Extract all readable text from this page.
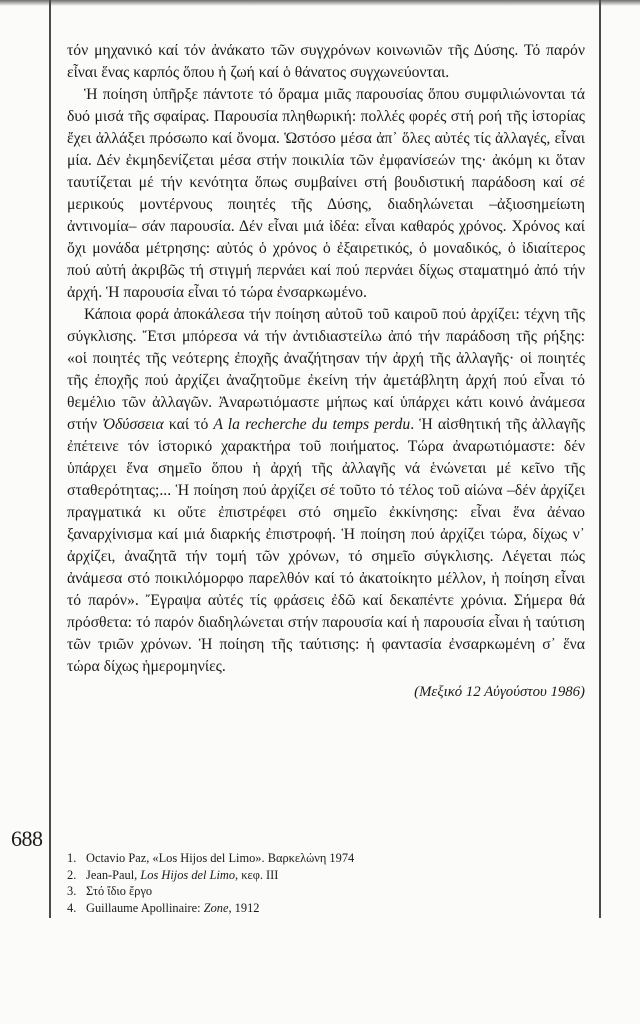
τόν μηχανικό καί τόν ἀνάκατο τῶν συγχρόνων κοινωνιῶν τῆς Δύσης. Τό παρόν εἶναι ἕνας καρπός ὅπου ἡ ζωή καί ὁ θάνατος συγχωνεύονται.

Ἡ ποίηση ὑπῆρξε πάντοτε τό ὅραμα μιᾶς παρουσίας ὅπου συμφιλιώνονται τά δυό μισά τῆς σφαίρας. Παρουσία πληθωρική: πολλές φορές στή ροή τῆς ἱστορίας ἔχει ἀλλάξει πρόσωπο καί ὄνομα. Ὡστόσο μέσα ἀπ᾽ ὅλες αὐτές τίς ἀλλαγές, εἶναι μία. Δέν ἐκμηδενίζεται μέσα στήν ποικιλία τῶν ἐμφανίσεών της· ἀκόμη κι ὅταν ταυτίζεται μέ τήν κενότητα ὅπως συμβαίνει στή βουδιστική παράδοση καί σέ μερικούς μοντέρνους ποιητές τῆς Δύσης, διαδηλώνεται –ἀξιοσημείωτη ἀντινομία– σάν παρουσία. Δέν εἶναι μιά ἰδέα: εἶναι καθαρός χρόνος. Χρόνος καί ὄχι μονάδα μέτρησης: αὐτός ὁ χρόνος ὁ ἐξαιρετικός, ὁ μοναδικός, ὁ ἰδιαίτερος πού αὐτή ἀκριβῶς τή στιγμή περνάει καί πού περνάει δίχως σταματημό ἀπό τήν ἀρχή. Ἡ παρουσία εἶναι τό τώρα ἐνσαρκωμένο.

Κάποια φορά ἀποκάλεσα τήν ποίηση αὐτοῦ τοῦ καιροῦ πού ἀρχίζει: τέχνη τῆς σύγκλισης. Ἔτσι μπόρεσα νά τήν ἀντιδιαστείλω ἀπό τήν παράδοση τῆς ρήξης: «οἱ ποιητές τῆς νεότερης ἐποχῆς ἀναζήτησαν τήν ἀρχή τῆς ἀλλαγῆς· οἱ ποιητές τῆς ἐποχῆς πού ἀρχίζει ἀναζητοῦμε ἐκείνη τήν ἀμετάβλητη ἀρχή πού εἶναι τό θεμέλιο τῶν ἀλλαγῶν. Ἀναρωτιόμαστε μήπως καί ὑπάρχει κάτι κοινό ἀνάμεσα στήν Ὀδύσσεια καί τό A la recherche du temps perdu. Ἡ αἰσθητική τῆς ἀλλαγῆς ἐπέτεινε τόν ἱστορικό χαρακτήρα τοῦ ποιήματος. Τώρα ἀναρωτιόμαστε: δέν ὑπάρχει ἕνα σημεῖο ὅπου ἡ ἀρχή τῆς ἀλλαγῆς νά ἑνώνεται μέ κεῖνο τῆς σταθερότητας;... Ἡ ποίηση πού ἀρχίζει σέ τοῦτο τό τέλος τοῦ αἰώνα –δέν ἀρχίζει πραγματικά κι οὔτε ἐπιστρέφει στό σημεῖο ἐκκίνησης: εἶναι ἕνα ἀέναο ξαναρχίνισμα καί μιά διαρκής ἐπιστροφή. Ἡ ποίηση πού ἀρχίζει τώρα, δίχως ν᾽ ἀρχίζει, ἀναζητᾶ τήν τομή τῶν χρόνων, τό σημεῖο σύγκλισης. Λέγεται πώς ἀνάμεσα στό ποικιλόμορφο παρελθόν καί τό ἀκατοίκητο μέλλον, ἡ ποίηση εἶναι τό παρόν». Ἔγραψα αὐτές τίς φράσεις ἐδῶ καί δεκαπέντε χρόνια. Σήμερα θά πρόσθετα: τό παρόν διαδηλώνεται στήν παρουσία καί ἡ παρουσία εἶναι ἡ ταύτιση τῶν τριῶν χρόνων. Ἡ ποίηση τῆς ταύτισης: ἡ φαντασία ἐνσαρκωμένη σ᾽ ἕνα τώρα δίχως ἡμερομηνίες.

(Μεξικό 12 Αὐγούστου 1986)
688
1. Octavio Paz, «Los Hijos del Limo». Βαρκελώνη 1974
2. Jean-Paul, Los Hijos del Limo, κεφ. III
3. Στό ἴδιο ἔργο
4. Guillaume Apollinaire: Zone, 1912
